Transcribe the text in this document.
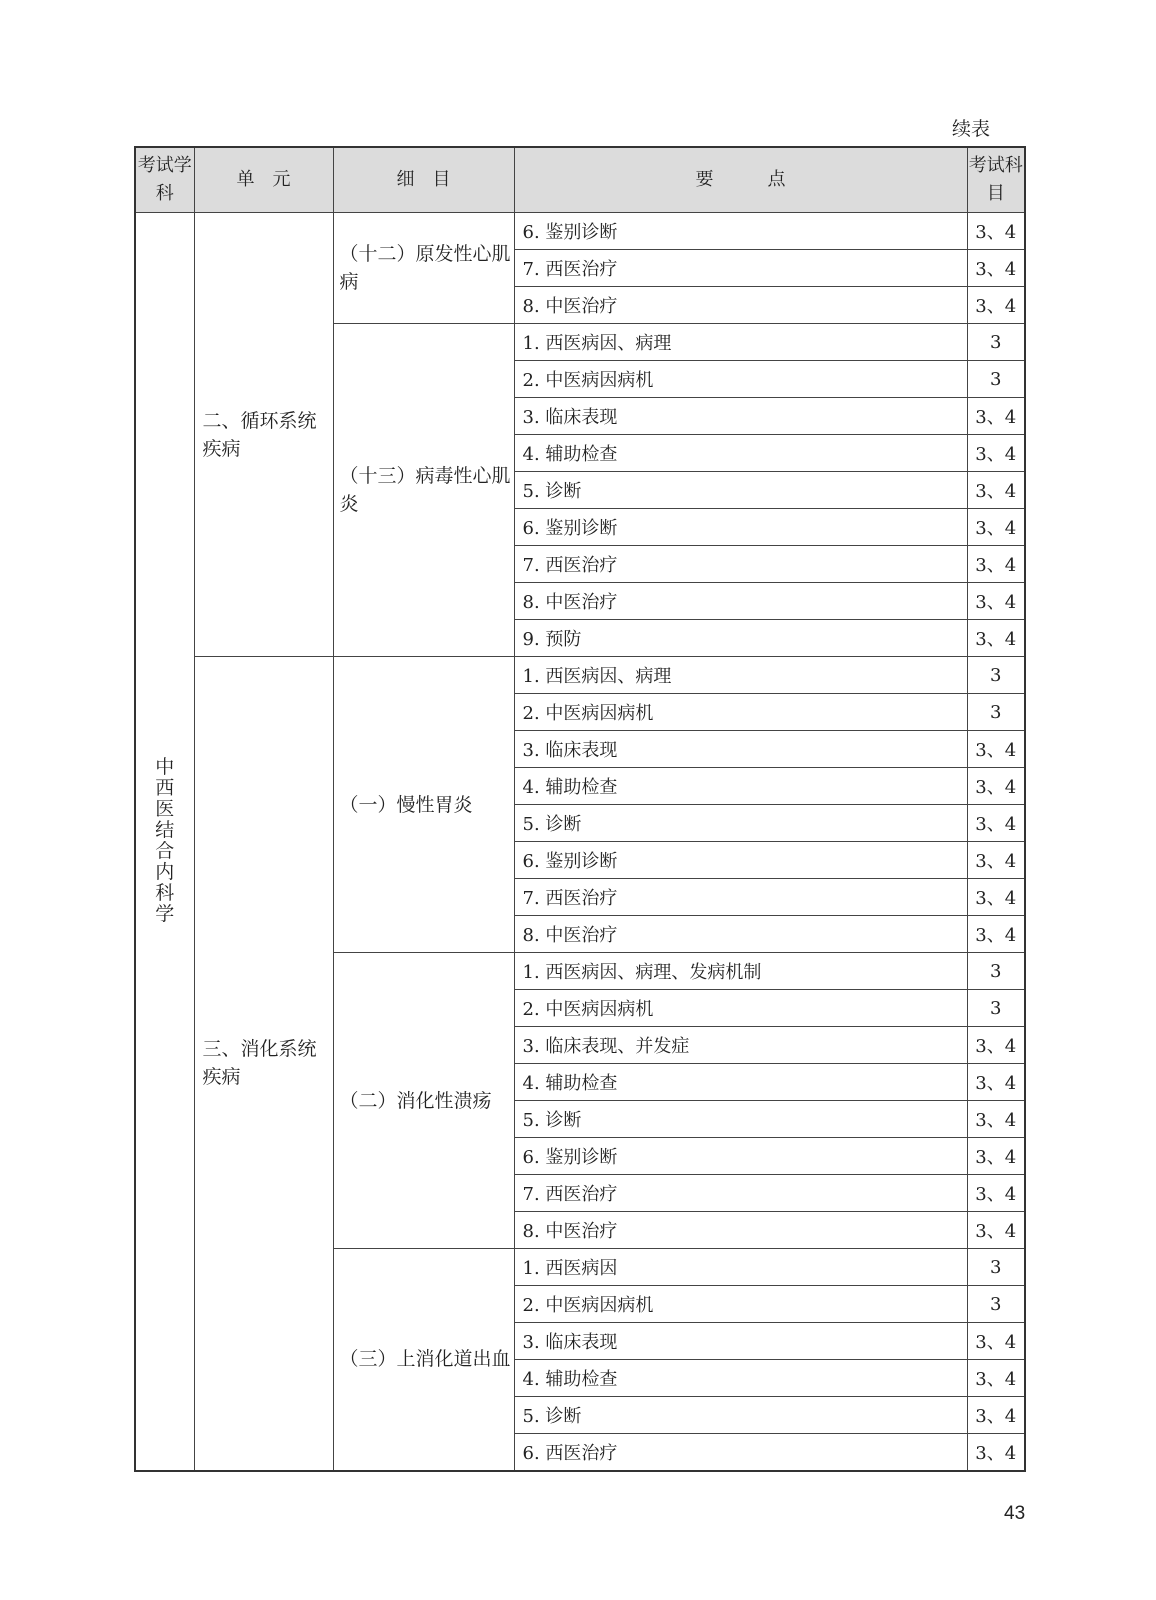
续表
考试学科	单　元	细　目	要　　　点	考试科目
中西医结合内科学	二、循环系统疾病	（十二）原发性心肌病	6. 鉴别诊断	3、4
			7. 西医治疗	3、4
			8. 中医治疗	3、4
		（十三）病毒性心肌炎	1. 西医病因、病理	3
			2. 中医病因病机	3
			3. 临床表现	3、4
			4. 辅助检查	3、4
			5. 诊断	3、4
			6. 鉴别诊断	3、4
			7. 西医治疗	3、4
			8. 中医治疗	3、4
			9. 预防	3、4
	三、消化系统疾病	（一）慢性胃炎	1. 西医病因、病理	3
			2. 中医病因病机	3
			3. 临床表现	3、4
			4. 辅助检查	3、4
			5. 诊断	3、4
			6. 鉴别诊断	3、4
			7. 西医治疗	3、4
			8. 中医治疗	3、4
		（二）消化性溃疡	1. 西医病因、病理、发病机制	3
			2. 中医病因病机	3
			3. 临床表现、并发症	3、4
			4. 辅助检查	3、4
			5. 诊断	3、4
			6. 鉴别诊断	3、4
			7. 西医治疗	3、4
			8. 中医治疗	3、4
		（三）上消化道出血	1. 西医病因	3
			2. 中医病因病机	3
			3. 临床表现	3、4
			4. 辅助检查	3、4
			5. 诊断	3、4
			6. 西医治疗	3、4
43
